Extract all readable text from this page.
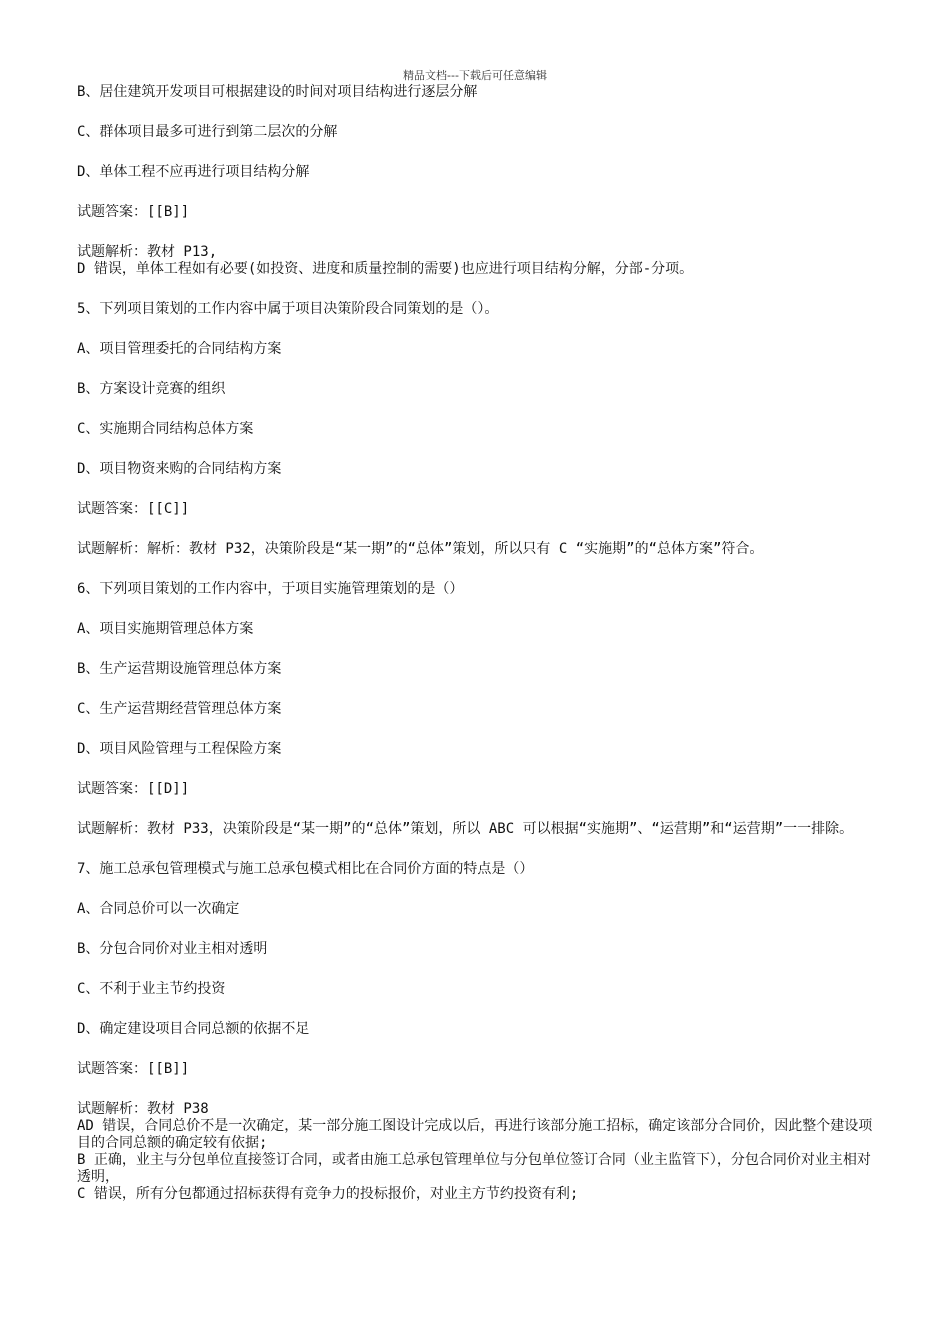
精品文档---下载后可任意编辑
B、居住建筑开发项目可根据建设的时间对项目结构进行逐层分解
C、群体项目最多可进行到第二层次的分解
D、单体工程不应再进行项目结构分解
试题答案：[[B]]
试题解析：教材 P13,
D 错误，单体工程如有必要(如投资、进度和质量控制的需要)也应进行项目结构分解，分部-分项。
5、下列项目策划的工作内容中属于项目决策阶段合同策划的是（）。
A、项目管理委托的合同结构方案
B、方案设计竞赛的组织
C、实施期合同结构总体方案
D、项目物资来购的合同结构方案
试题答案：[[C]]
试题解析：解析：教材 P32，决策阶段是“某一期”的“总体”策划，所以只有 C “实施期”的“总体方案”符合。
6、下列项目策划的工作内容中，于项目实施管理策划的是（）
A、项目实施期管理总体方案
B、生产运营期设施管理总体方案
C、生产运营期经营管理总体方案
D、项目风险管理与工程保险方案
试题答案：[[D]]
试题解析：教材 P33，决策阶段是“某一期”的“总体”策划，所以 ABC 可以根据“实施期”、“运营期”和“运营期”一一排除。
7、施工总承包管理模式与施工总承包模式相比在合同价方面的特点是（）
A、合同总价可以一次确定
B、分包合同价对业主相对透明
C、不利于业主节约投资
D、确定建设项目合同总额的依据不足
试题答案：[[B]]
试题解析：教材 P38
AD 错误，合同总价不是一次确定，某一部分施工图设计完成以后，再进行该部分施工招标，确定该部分合同价，因此整个建设项目的合同总额的确定较有依据;
B 正确，业主与分包单位直接签订合同，或者由施工总承包管理单位与分包单位签订合同（业主监管下），分包合同价对业主相对透明，
C 错误，所有分包都通过招标获得有竞争力的投标报价，对业主方节约投资有利;
